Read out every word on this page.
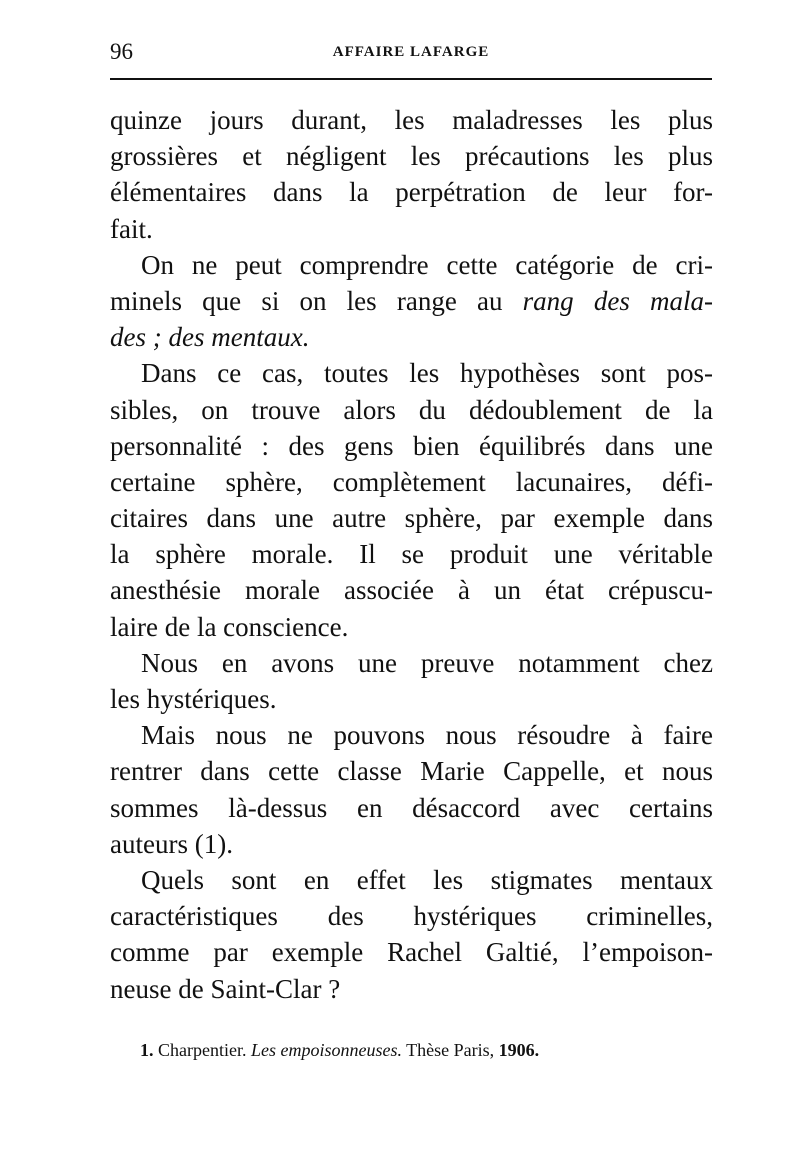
96	AFFAIRE LAFARGE
quinze jours durant, les maladresses les plus
grossières et négligent les précautions les plus
élémentaires dans la perpétration de leur for-
fait.
On ne peut comprendre cette catégorie de cri-
minels que si on les range au rang des mala-
des ; des mentaux.
Dans ce cas, toutes les hypothèses sont pos-
sibles, on trouve alors du dédoublement de la
personnalité : des gens bien équilibrés dans une
certaine sphère, complètement lacunaires, défi-
citaires dans une autre sphère, par exemple dans
la sphère morale. Il se produit une véritable
anesthésie morale associée à un état crépuscu-
laire de la conscience.
Nous en avons une preuve notamment chez
les hystériques.
Mais nous ne pouvons nous résoudre à faire
rentrer dans cette classe Marie Cappelle, et nous
sommes là-dessus en désaccord avec certains
auteurs (1).
Quels sont en effet les stigmates mentaux
caractéristiques des hystériques criminelles,
comme par exemple Rachel Galtié, l’empoison-
neuse de Saint-Clar ?
1. Charpentier. Les empoisonneuses. Thèse Paris, 1906.
